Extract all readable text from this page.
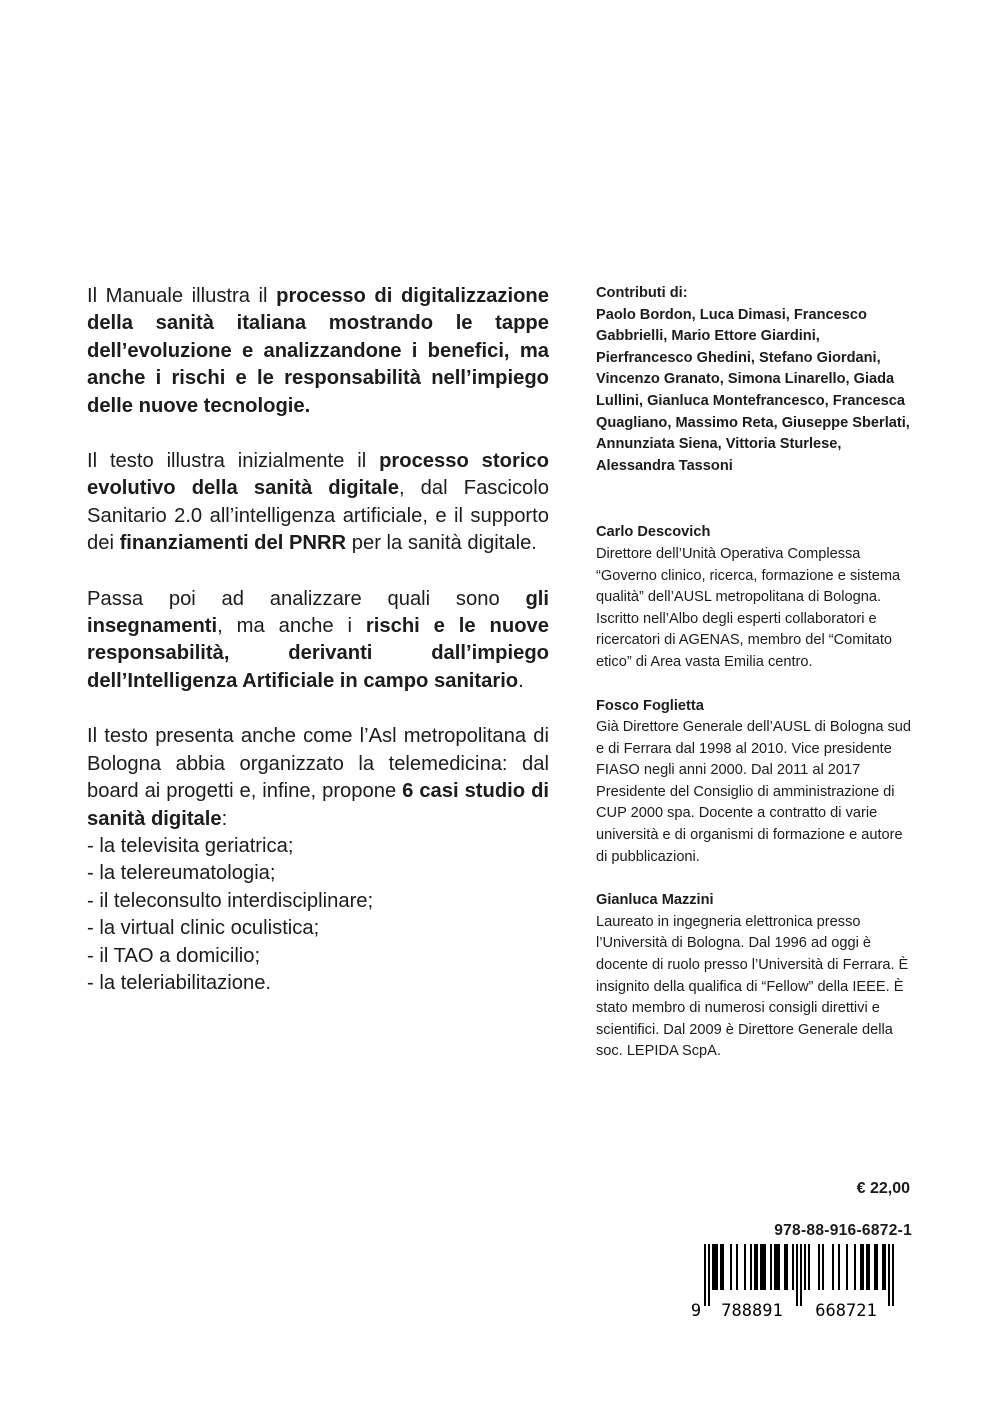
Il Manuale illustra il processo di digitalizzazione della sanità italiana mostrando le tappe dell’evoluzione e analizzandone i benefici, ma anche i rischi e le responsabilità nell’impiego delle nuove tecnologie.

Il testo illustra inizialmente il processo storico evolutivo della sanità digitale, dal Fascicolo Sanitario 2.0 all’intelligenza artificiale, e il supporto dei finanziamenti del PNRR per la sanità digitale.

Passa poi ad analizzare quali sono gli insegnamenti, ma anche i rischi e le nuove responsabilità, derivanti dall’impiego dell’Intelligenza Artificiale in campo sanitario.

Il testo presenta anche come l’Asl metropolitana di Bologna abbia organizzato la telemedicina: dal board ai progetti e, infine, propone 6 casi studio di sanità digitale:

- la televisita geriatrica;
- la telereumatologia;
- il teleconsulto interdisciplinare;
- la virtual clinic oculistica;
- il TAO a domicilio;
- la teleriabilitazione.
Contributi di:
Paolo Bordon, Luca Dimasi, Francesco Gabbrielli, Mario Ettore Giardini, Pierfrancesco Ghedini, Stefano Giordani, Vincenzo Granato, Simona Linarello, Giada Lullini, Gianluca Montefrancesco, Francesca Quagliano, Massimo Reta, Giuseppe Sberlati, Annunziata Siena, Vittoria Sturlese, Alessandra Tassoni
Carlo Descovich
Direttore dell’Unità Operativa Complessa “Governo clinico, ricerca, formazione e sistema qualità” dell’AUSL metropolitana di Bologna. Iscritto nell’Albo degli esperti collaboratori e ricercatori di AGENAS, membro del “Comitato etico” di Area vasta Emilia centro.
Fosco Foglietta
Già Direttore Generale dell’AUSL di Bologna sud e di Ferrara dal 1998 al 2010. Vice presidente FIASO negli anni 2000. Dal 2011 al 2017 Presidente del Consiglio di amministrazione di CUP 2000 spa. Docente a contratto di varie università e di organismi di formazione e autore di pubblicazioni.
Gianluca Mazzini
Laureato in ingegneria elettronica presso l’Università di Bologna. Dal 1996 ad oggi è docente di ruolo presso l’Università di Ferrara. È insignito della qualifica di “Fellow” della IEEE. È stato membro di numerosi consigli direttivi e scientifici. Dal 2009 è Direttore Generale della soc. LEPIDA ScpA.
€ 22,00
978-88-916-6872-1
9 788891 668721
